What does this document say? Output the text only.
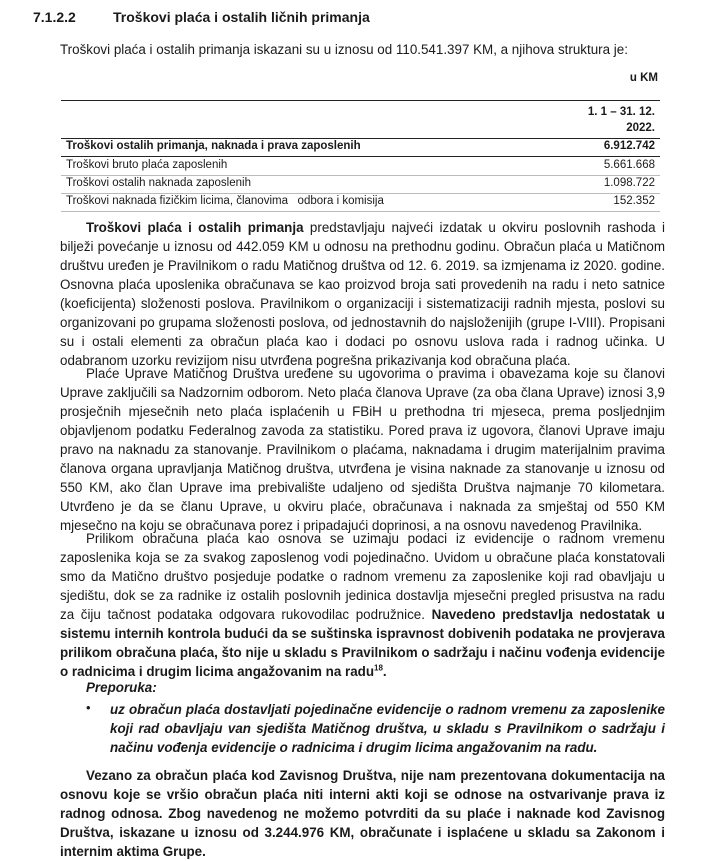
7.1.2.2	Troškovi plaća i ostalih ličnih primanja
Troškovi plaća i ostalih primanja iskazani su u iznosu od 110.541.397 KM, a njihova struktura je:
u KM
1. 1 – 31. 12. 2022.
Troškovi ostalih primanja, naknada i prava zaposlenih	6.912.742
Troškovi bruto plaća zaposlenih	5.661.668
Troškovi ostalih naknada zaposlenih	1.098.722
Troškovi naknada fizičkim licima, članovima   odbora i komisija	152.352
Troškovi plaća i ostalih primanja predstavljaju najveći izdatak u okviru poslovnih rashoda i bilježi povećanje u iznosu od 442.059 KM u odnosu na prethodnu godinu. Obračun plaća u Matičnom društvu uređen je Pravilnikom o radu Matičnog društva od 12. 6. 2019. sa izmjenama iz 2020. godine. Osnovna plaća uposlenika obračunava se kao proizvod broja sati provedenih na radu i neto satnice (koeficijenta) složenosti poslova. Pravilnikom o organizaciji i sistematizaciji radnih mjesta, poslovi su organizovani po grupama složenosti poslova, od jednostavnih do najsloženijih (grupe I-VIII). Propisani su i ostali elementi za obračun plaća kao i dodaci po osnovu uslova rada i radnog učinka. U odabranom uzorku revizijom nisu utvrđena pogrešna prikazivanja kod obračuna plaća.
Plaće Uprave Matičnog Društva uređene su ugovorima o pravima i obavezama koje su članovi Uprave zaključili sa Nadzornim odborom. Neto plaća članova Uprave (za oba člana Uprave) iznosi 3,9 prosječnih mjesečnih neto plaća isplaćenih u FBiH u prethodna tri mjeseca, prema posljednjim objavljenom podatku Federalnog zavoda za statistiku. Pored prava iz ugovora, članovi Uprave imaju pravo na naknadu za stanovanje. Pravilnikom o plaćama, naknadama i drugim materijalnim pravima članova organa upravljanja Matičnog društva, utvrđena je visina naknade za stanovanje u iznosu od 550 KM, ako član Uprave ima prebivalište udaljeno od sjedišta Društva najmanje 70 kilometara. Utvrđeno je da se članu Uprave, u okviru plaće, obračunava i naknada za smještaj od 550 KM mjesečno na koju se obračunava porez i pripadajući doprinosi, a na osnovu navedenog Pravilnika.
Prilikom obračuna plaća kao osnova se uzimaju podaci iz evidencije o radnom vremenu zaposlenika koja se za svakog zaposlenog vodi pojedinačno. Uvidom u obračune plaća konstatovali smo da Matično društvo posjeduje podatke o radnom vremenu za zaposlenike koji rad obavljaju u sjedištu, dok se za radnike iz ostalih poslovnih jedinica dostavlja mjesečni pregled prisustva na radu za čiju tačnost podataka odgovara rukovodilac podružnice. Navedeno predstavlja nedostatak u sistemu internih kontrola budući da se suštinska ispravnost dobivenih podataka ne provjerava prilikom obračuna plaća, što nije u skladu s Pravilnikom o sadržaju i načinu vođenja evidencije o radnicima i drugim licima angažovanim na radu$^{18}$.
Preporuka:
• uz obračun plaća dostavljati pojedinačne evidencije o radnom vremenu za zaposlenike koji rad obavljaju van sjedišta Matičnog društva, u skladu s Pravilnikom o sadržaju i načinu vođenja evidencije o radnicima i drugim licima angažovanim na radu.
Vezano za obračun plaća kod Zavisnog Društva, nije nam prezentovana dokumentacija na osnovu koje se vršio obračun plaća niti interni akti koji se odnose na ostvarivanje prava iz radnog odnosa. Zbog navedenog ne možemo potvrditi da su plaće i naknade kod Zavisnog Društva, iskazane u iznosu od 3.244.976 KM, obračunate i isplaćene u skladu sa Zakonom i internim aktima Grupe.
